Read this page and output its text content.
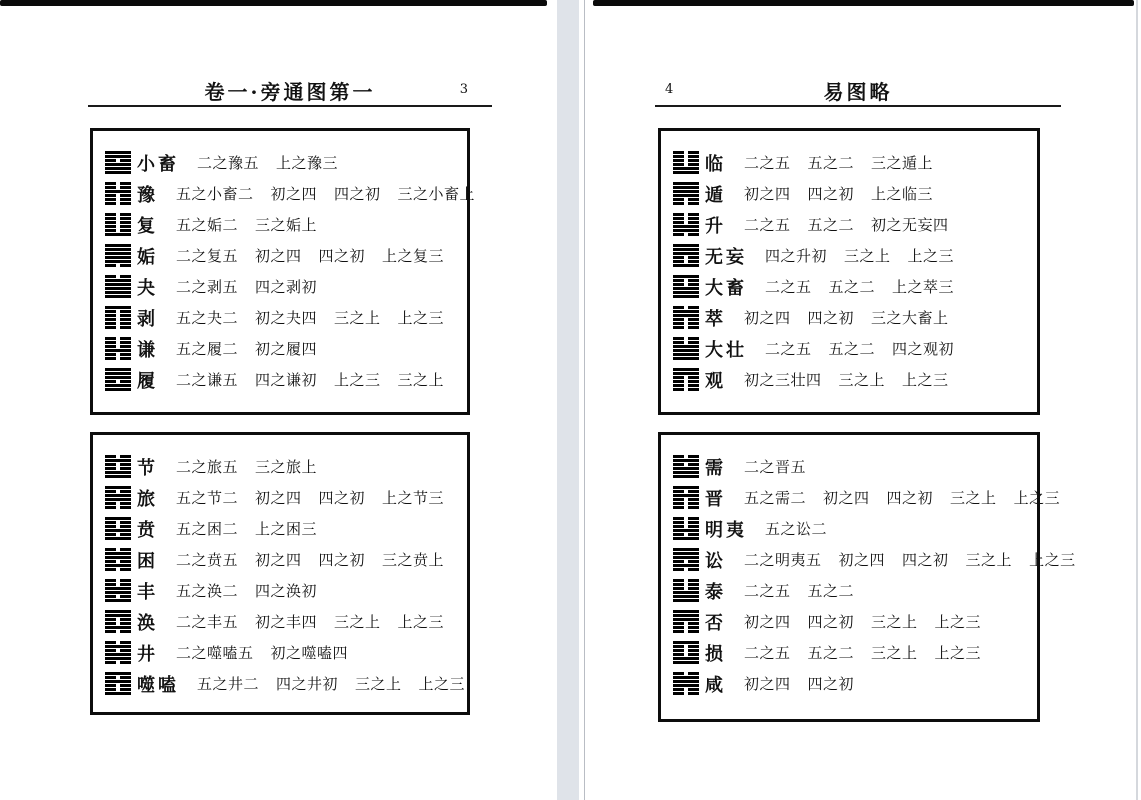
卷一·旁通图第一	3	易图略
4
小畜 二之豫五 上之豫三
豫 五之小畜二 初之四 四之初 三之小畜上
复 五之姤二 三之姤上
姤 二之复五 初之四 四之初 上之复三
夬 二之剥五 四之剥初
剥 五之夬二 初之夬四 三之上 上之三
谦 五之履二 初之履四
履 二之谦五 四之谦初 上之三 三之上
节 二之旅五 三之旅上
旅 五之节二 初之四 四之初 上之节三
贲 五之困二 上之困三
困 二之贲五 初之四 四之初 三之贲上
丰 五之涣二 四之涣初
涣 二之丰五 初之丰四 三之上 上之三
井 二之噬嗑五 初之噬嗑四
噬嗑 五之井二 四之井初 三之上 上之三
临 二之五 五之二 三之遁上
遁 初之四 四之初 上之临三
升 二之五 五之二 初之无妄四
无妄 四之升初 三之上 上之三
大畜 二之五 五之二 上之萃三
萃 初之四 四之初 三之大畜上
大壮 二之五 五之二 四之观初
观 初之三壮四 三之上 上之三
需 二之晋五
晋 五之需二 初之四 四之初 三之上 上之三
明夷 五之讼二
讼 二之明夷五 初之四 四之初 三之上 上之三
泰 二之五 五之二
否 初之四 四之初 三之上 上之三
损 二之五 五之二 三之上 上之三
咸 初之四 四之初
